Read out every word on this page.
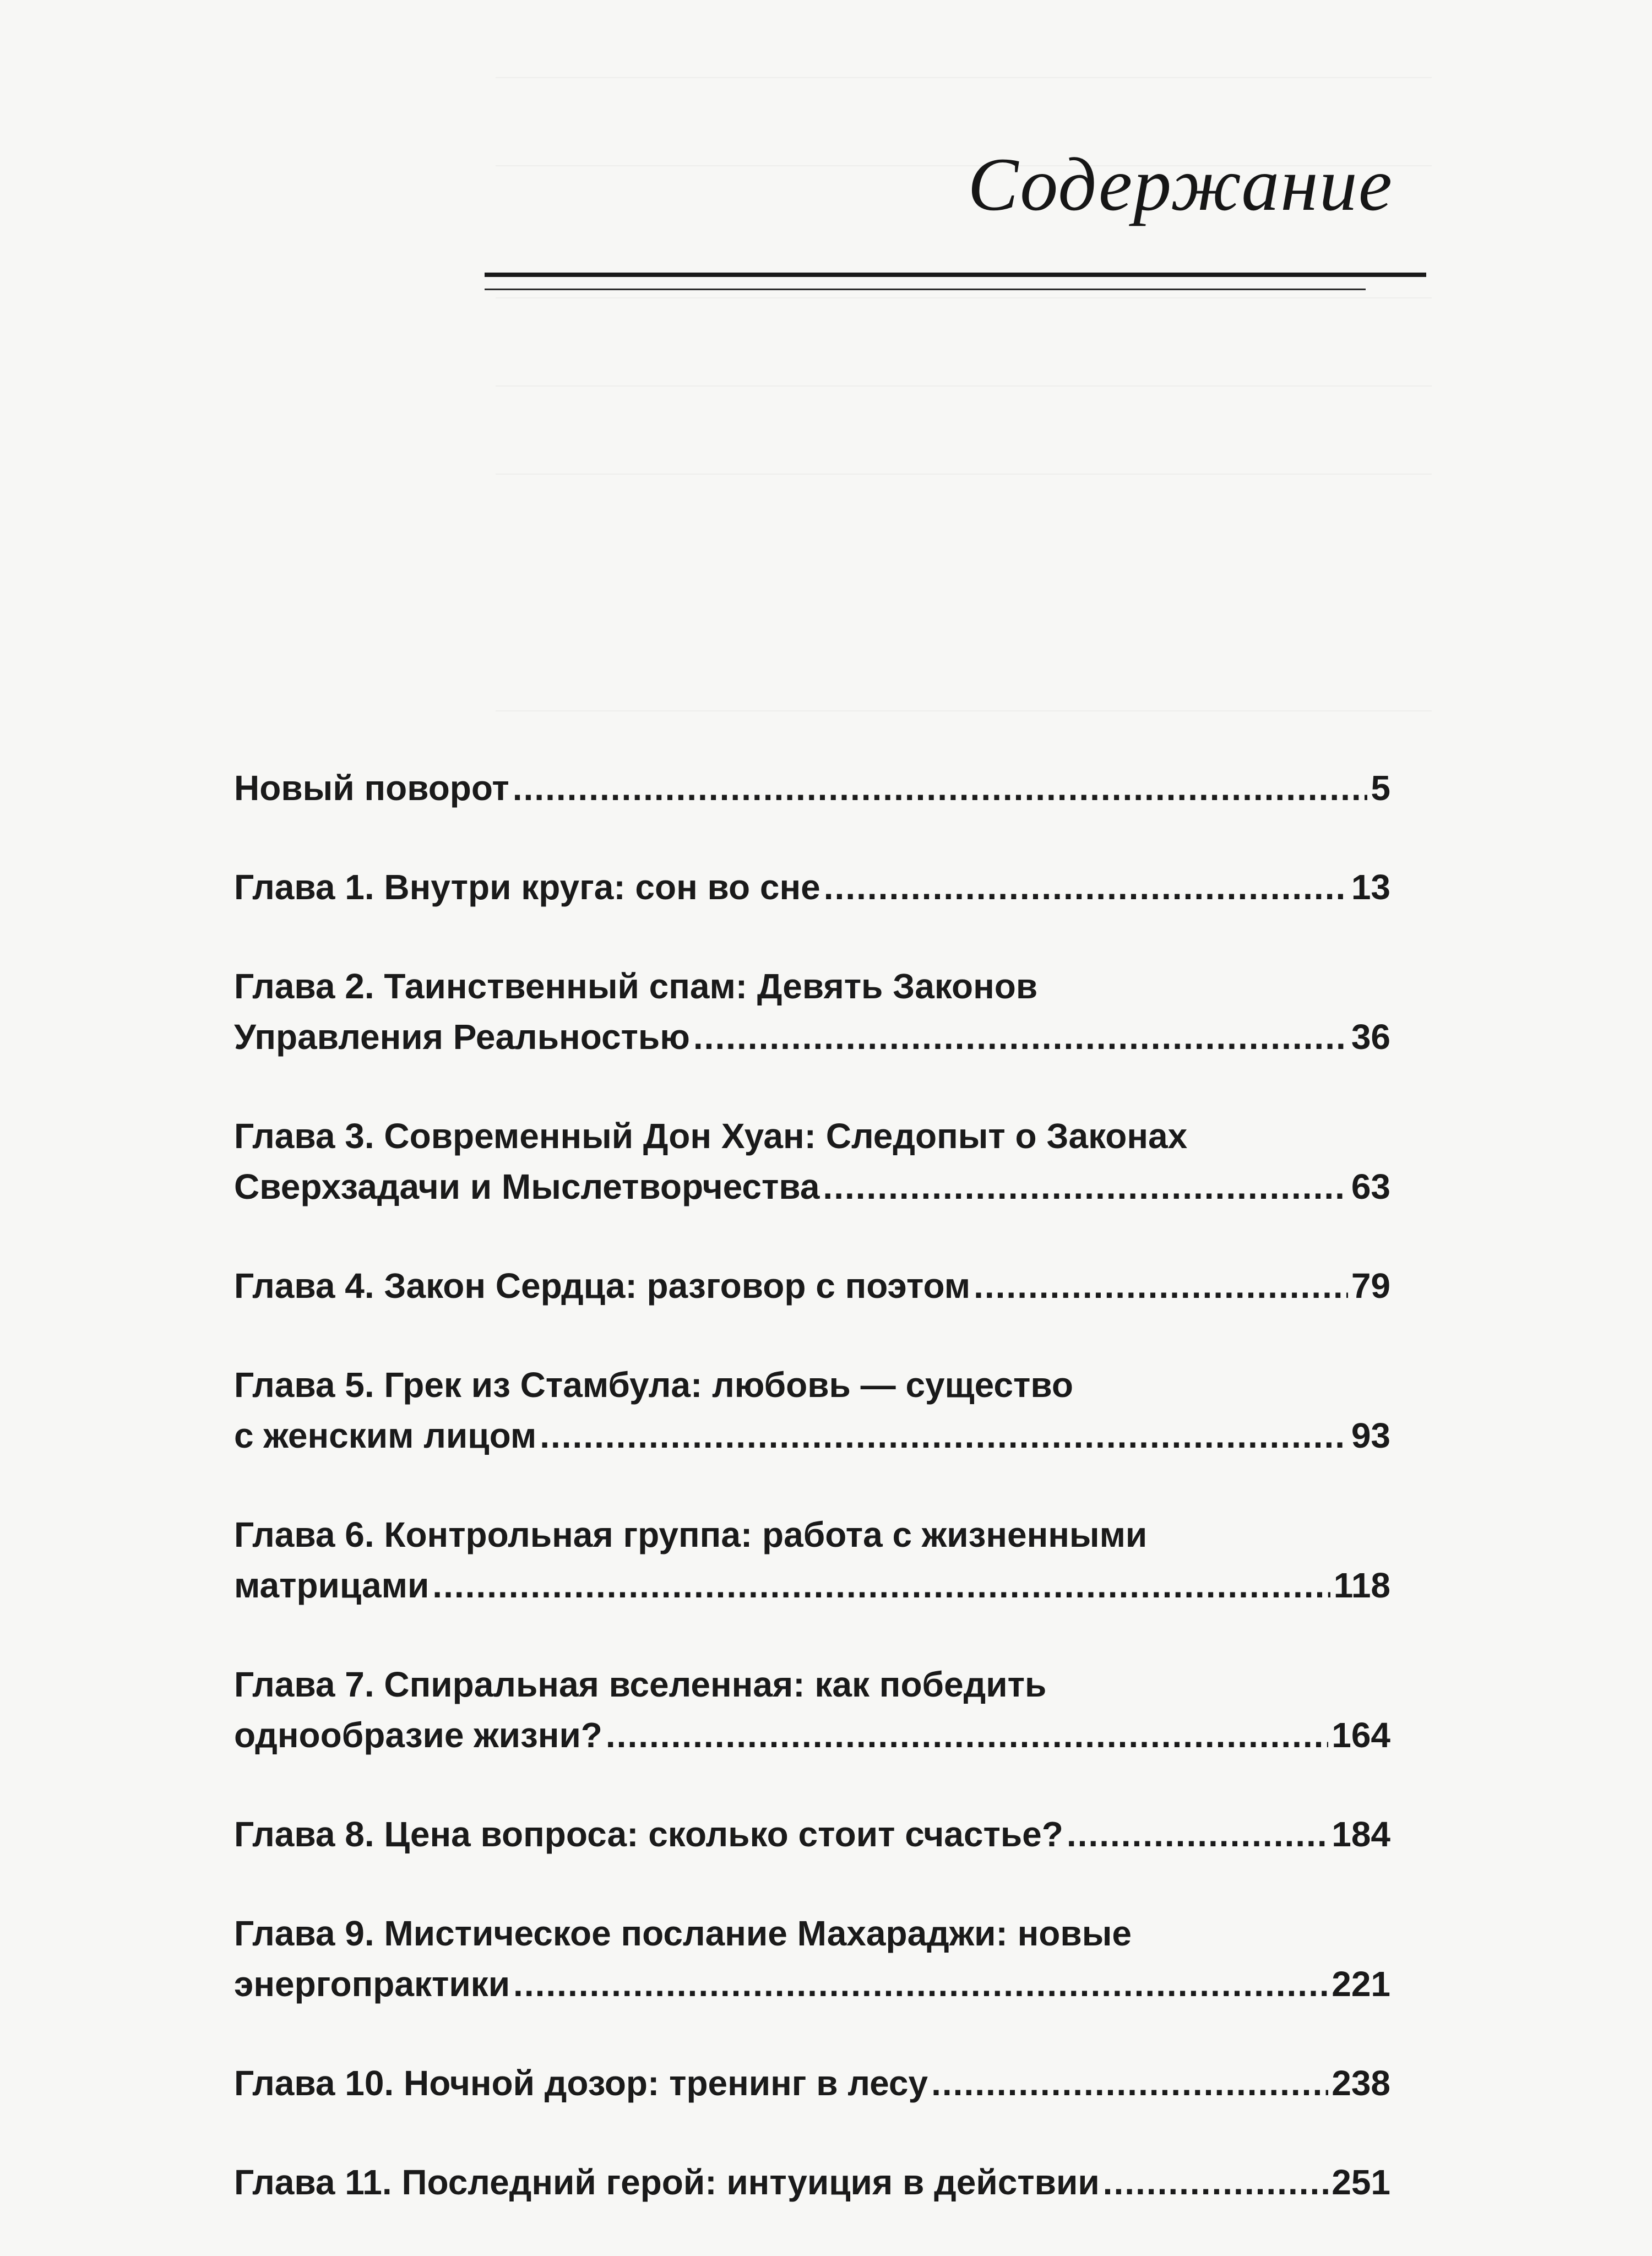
Содержание
Новый поворот .....	5
Глава 1. Внутри круга: сон во сне .....	13
Глава 2. Таинственный спам: Девять Законов
Управления Реальностью .....	36
Глава 3. Современный Дон Хуан: Следопыт о Законах
Сверхзадачи и Мыслетворчества .....	63
Глава 4. Закон Сердца: разговор с поэтом .....	79
Глава 5. Грек из Стамбула: любовь — существо
с женским лицом .....	93
Глава 6. Контрольная группа: работа с жизненными
матрицами .....	118
Глава 7. Спиральная вселенная: как победить
однообразие жизни? .....	164
Глава 8. Цена вопроса: сколько стоит счастье? .....	184
Глава 9. Мистическое послание Махараджи: новые
энергопрактики .....	221
Глава 10. Ночной дозор: тренинг в лесу .....	238
Глава 11. Последний герой: интуиция в действии .....	251
